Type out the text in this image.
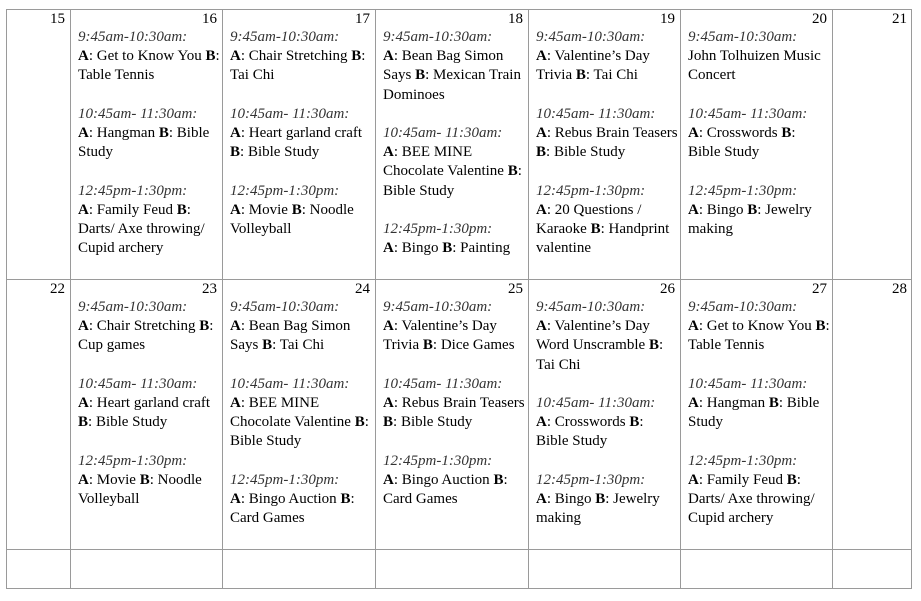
15	16
9:45am-10:30am:
A: Get to Know You B: Table Tennis
10:45am- 11:30am:
A: Hangman B: Bible Study
12:45pm-1:30pm:
A: Family Feud B: Darts/ Axe throwing/ Cupid archery
17
9:45am-10:30am:
A: Chair Stretching B: Tai Chi
10:45am- 11:30am:
A: Heart garland craft B: Bible Study
12:45pm-1:30pm:
A: Movie B: Noodle Volleyball
18
9:45am-10:30am:
A: Bean Bag Simon Says B: Mexican Train Dominoes
10:45am- 11:30am:
A: BEE MINE Chocolate Valentine B: Bible Study
12:45pm-1:30pm:
A: Bingo B: Painting
19
9:45am-10:30am:
A: Valentine’s Day Trivia B: Tai Chi
10:45am- 11:30am:
A: Rebus Brain Teasers B: Bible Study
12:45pm-1:30pm:
A: 20 Questions / Karaoke B: Handprint valentine
20
9:45am-10:30am:
John Tolhuizen Music Concert
10:45am- 11:30am:
A: Crosswords B: Bible Study
12:45pm-1:30pm:
A: Bingo B: Jewelry making
21
22	23
9:45am-10:30am:
A: Chair Stretching B: Cup games
10:45am- 11:30am:
A: Heart garland craft B: Bible Study
12:45pm-1:30pm:
A: Movie B: Noodle Volleyball
24
9:45am-10:30am:
A: Bean Bag Simon Says B: Tai Chi
10:45am- 11:30am:
A: BEE MINE Chocolate Valentine B: Bible Study
12:45pm-1:30pm:
A: Bingo Auction B: Card Games
25
9:45am-10:30am:
A: Valentine’s Day Trivia B: Dice Games
10:45am- 11:30am:
A: Rebus Brain Teasers B: Bible Study
12:45pm-1:30pm:
A: Bingo Auction B: Card Games
26
9:45am-10:30am:
A: Valentine’s Day Word Unscramble B: Tai Chi
10:45am- 11:30am:
A: Crosswords B: Bible Study
12:45pm-1:30pm:
A: Bingo B: Jewelry making
27
9:45am-10:30am:
A: Get to Know You B: Table Tennis
10:45am- 11:30am:
A: Hangman B: Bible Study
12:45pm-1:30pm:
A: Family Feud B: Darts/ Axe throwing/ Cupid archery
28
